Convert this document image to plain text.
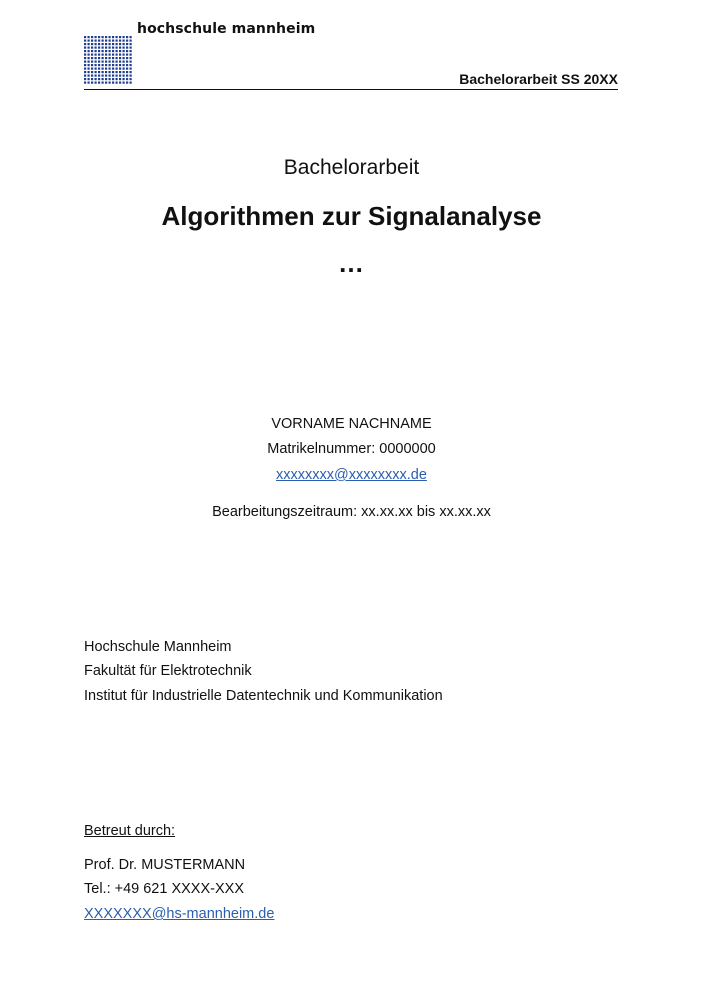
hochschule mannheim
Bachelorarbeit SS 20XX
Bachelorarbeit
Algorithmen zur Signalanalyse
…
VORNAME NACHNAME
Matrikelnummer: 0000000
xxxxxxxx@xxxxxxxx.de
Bearbeitungszeitraum: xx.xx.xx bis xx.xx.xx
Hochschule Mannheim
Fakultät für Elektrotechnik
Institut für Industrielle Datentechnik und Kommunikation
Betreut durch:
Prof. Dr. MUSTERMANN
Tel.: +49 621 XXXX-XXX
XXXXXXX@hs-mannheim.de
